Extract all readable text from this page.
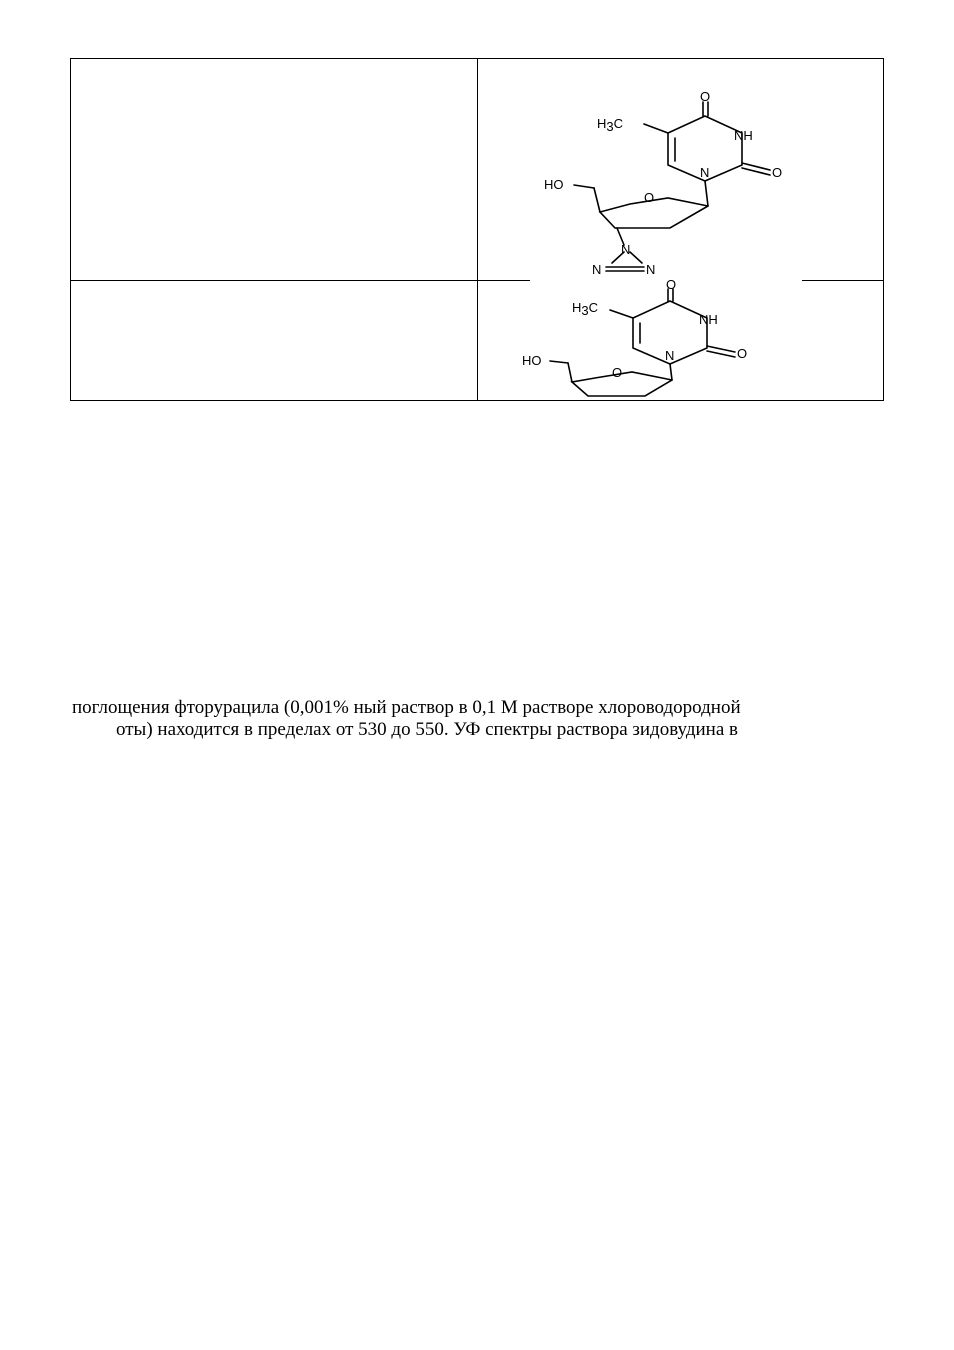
H3C
O
NH
O
N
HO
O
N
N	N
H3C
O
NH
O
N
HO
O

поглощения фторурацила (0,001% ный раствор в 0,1 М растворе хлороводородной

оты) находится в пределах от 530 до 550. УФ спектры раствора зидовудина в
